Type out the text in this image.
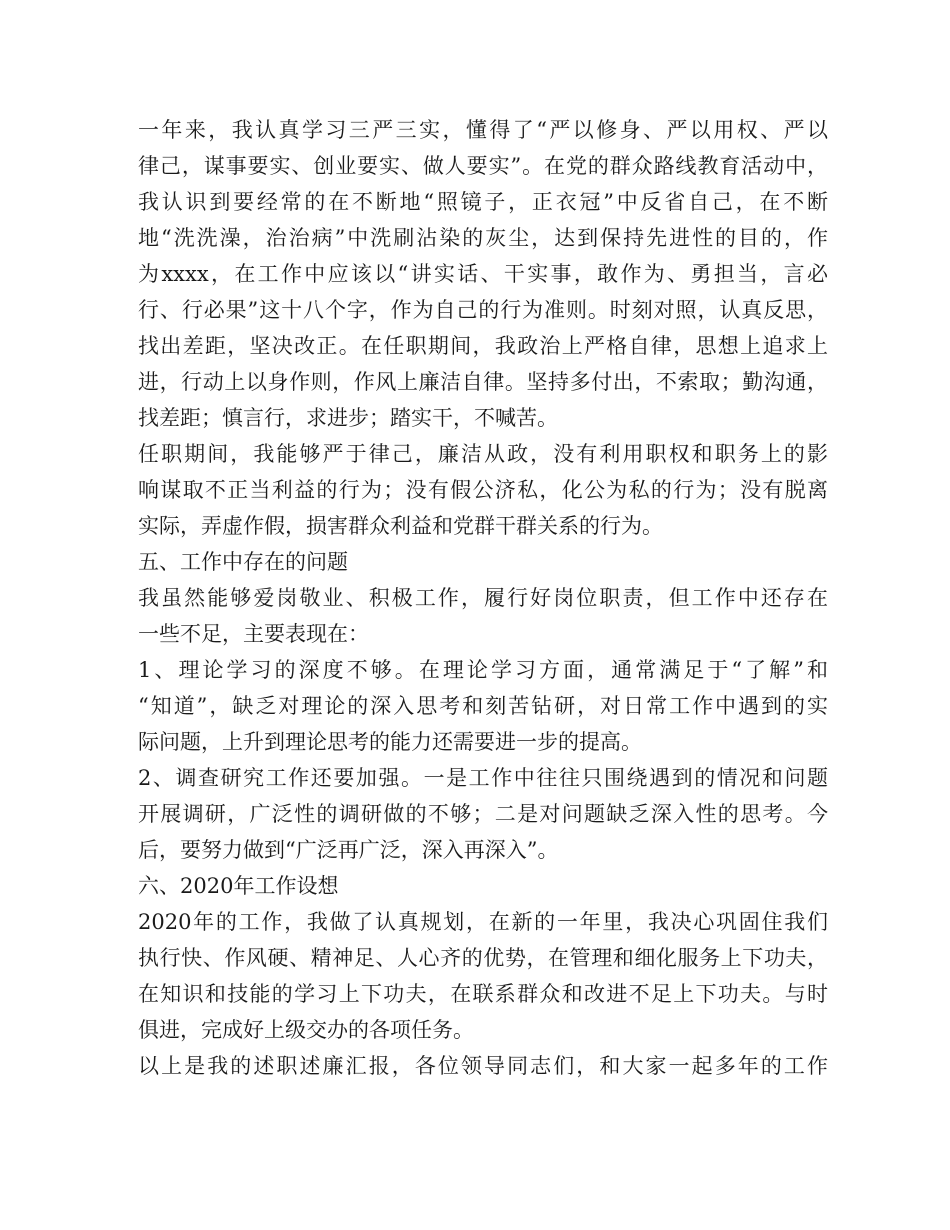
一年来，我认真学习三严三实，懂得了“严以修身、严以用权、严以
律己，谋事要实、创业要实、做人要实”。在党的群众路线教育活动中，
我认识到要经常的在不断地“照镜子，正衣冠”中反省自己，在不断
地“洗洗澡，治治病”中洗刷沾染的灰尘，达到保持先进性的目的，作
为xxxx，在工作中应该以“讲实话、干实事，敢作为、勇担当，言必
行、行必果”这十八个字，作为自己的行为准则。时刻对照，认真反思，
找出差距，坚决改正。在任职期间，我政治上严格自律，思想上追求上
进，行动上以身作则，作风上廉洁自律。坚持多付出，不索取；勤沟通，
找差距；慎言行，求进步；踏实干，不喊苦。
任职期间，我能够严于律己，廉洁从政，没有利用职权和职务上的影
响谋取不正当利益的行为；没有假公济私，化公为私的行为；没有脱离
实际，弄虚作假，损害群众利益和党群干群关系的行为。
五、工作中存在的问题
我虽然能够爱岗敬业、积极工作，履行好岗位职责，但工作中还存在
一些不足，主要表现在：
1、理论学习的深度不够。在理论学习方面，通常满足于“了解”和
“知道”，缺乏对理论的深入思考和刻苦钻研，对日常工作中遇到的实
际问题，上升到理论思考的能力还需要进一步的提高。
2、调查研究工作还要加强。一是工作中往往只围绕遇到的情况和问题
开展调研，广泛性的调研做的不够；二是对问题缺乏深入性的思考。今
后，要努力做到“广泛再广泛，深入再深入”。
六、2020年工作设想
2020年的工作，我做了认真规划，在新的一年里，我决心巩固住我们
执行快、作风硬、精神足、人心齐的优势，在管理和细化服务上下功夫，
在知识和技能的学习上下功夫，在联系群众和改进不足上下功夫。与时
俱进，完成好上级交办的各项任务。
以上是我的述职述廉汇报，各位领导同志们，和大家一起多年的工作
